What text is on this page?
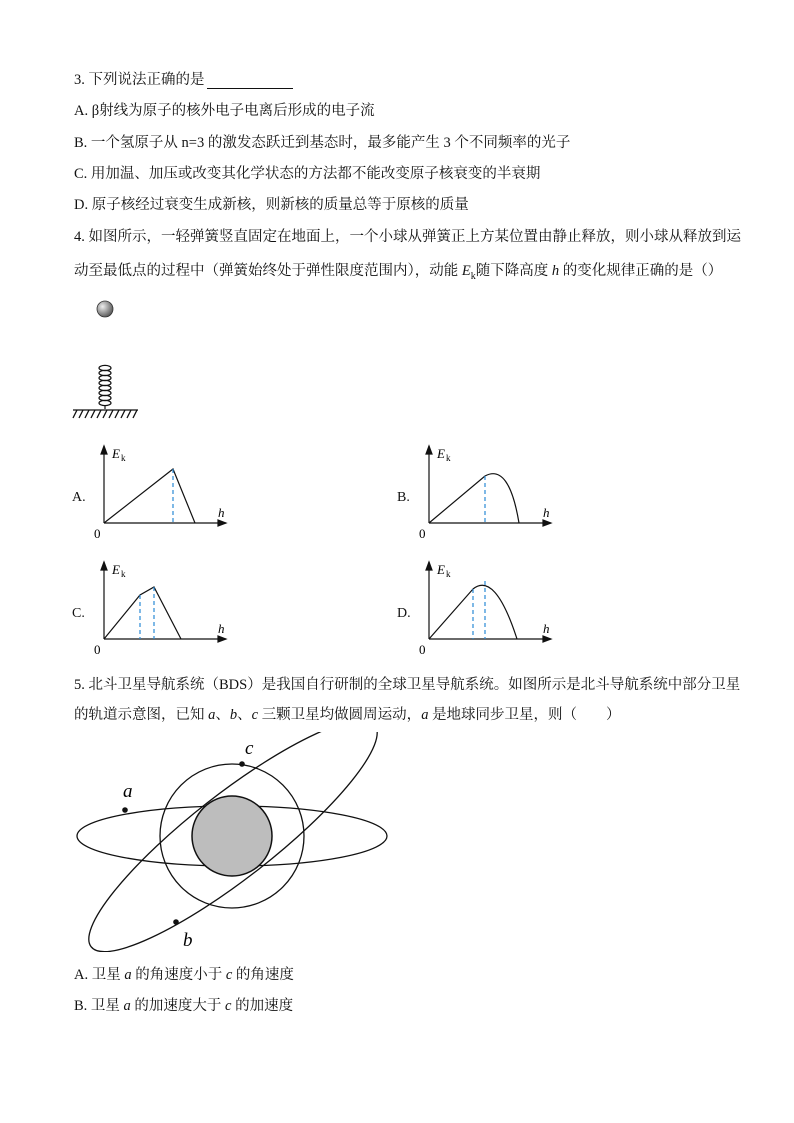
3. 下列说法正确的是
A. β射线为原子的核外电子电离后形成的电子流
B. 一个氢原子从 n=3 的激发态跃迁到基态时，最多能产生 3 个不同频率的光子
C. 用加温、加压或改变其化学状态的方法都不能改变原子核衰变的半衰期
D. 原子核经过衰变生成新核，则新核的质量总等于原核的质量
4. 如图所示，一轻弹簧竖直固定在地面上，一个小球从弹簧正上方某位置由静止释放，则小球从释放到运
动至最低点的过程中（弹簧始终处于弹性限度范围内），动能 $E_k$随下降高度 h 的变化规律正确的是（）
A.	B.
C.	D.
E k
h
0
E k
h
0
E k
h
0
E k
h
0
5. 北斗卫星导航系统（BDS）是我国自行研制的全球卫星导航系统。如图所示是北斗导航系统中部分卫星
的轨道示意图，已知 a、b、c 三颗卫星均做圆周运动，a 是地球同步卫星，则（　　）
a
b
c
A. 卫星 a 的角速度小于 c 的角速度
B. 卫星 a 的加速度大于 c 的加速度
